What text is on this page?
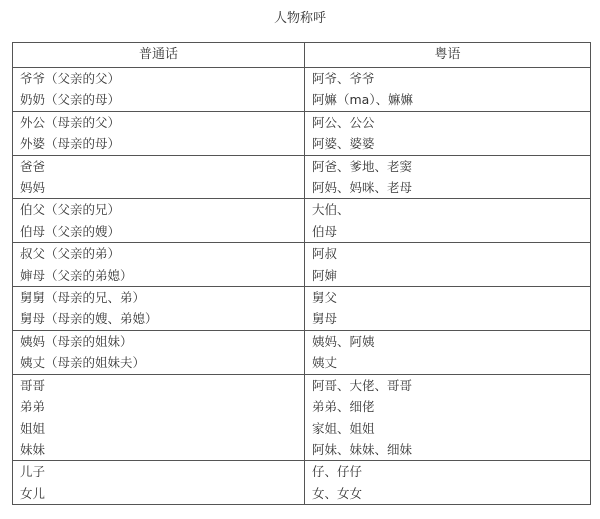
人物称呼
普通话	粤语
爷爷（父亲的父）	阿爷、爷爷
奶奶（父亲的母）	阿嫲（ma）、嫲嫲
外公（母亲的父）	阿公、公公
外婆（母亲的母）	阿婆、婆婆
爸爸	阿爸、爹地、老窦
妈妈	阿妈、妈咪、老母
伯父（父亲的兄）	大伯、
伯母（父亲的嫂）	伯母
叔父（父亲的弟）	阿叔
婶母（父亲的弟媳）	阿婶
舅舅（母亲的兄、弟）	舅父
舅母（母亲的嫂、弟媳）	舅母
姨妈（母亲的姐妹）	姨妈、阿姨
姨丈（母亲的姐妹夫）	姨丈
哥哥	阿哥、大佬、哥哥
弟弟	弟弟、细佬
姐姐	家姐、姐姐
妹妹	阿妹、妹妹、细妹
儿子	仔、仔仔
女儿	女、女女
